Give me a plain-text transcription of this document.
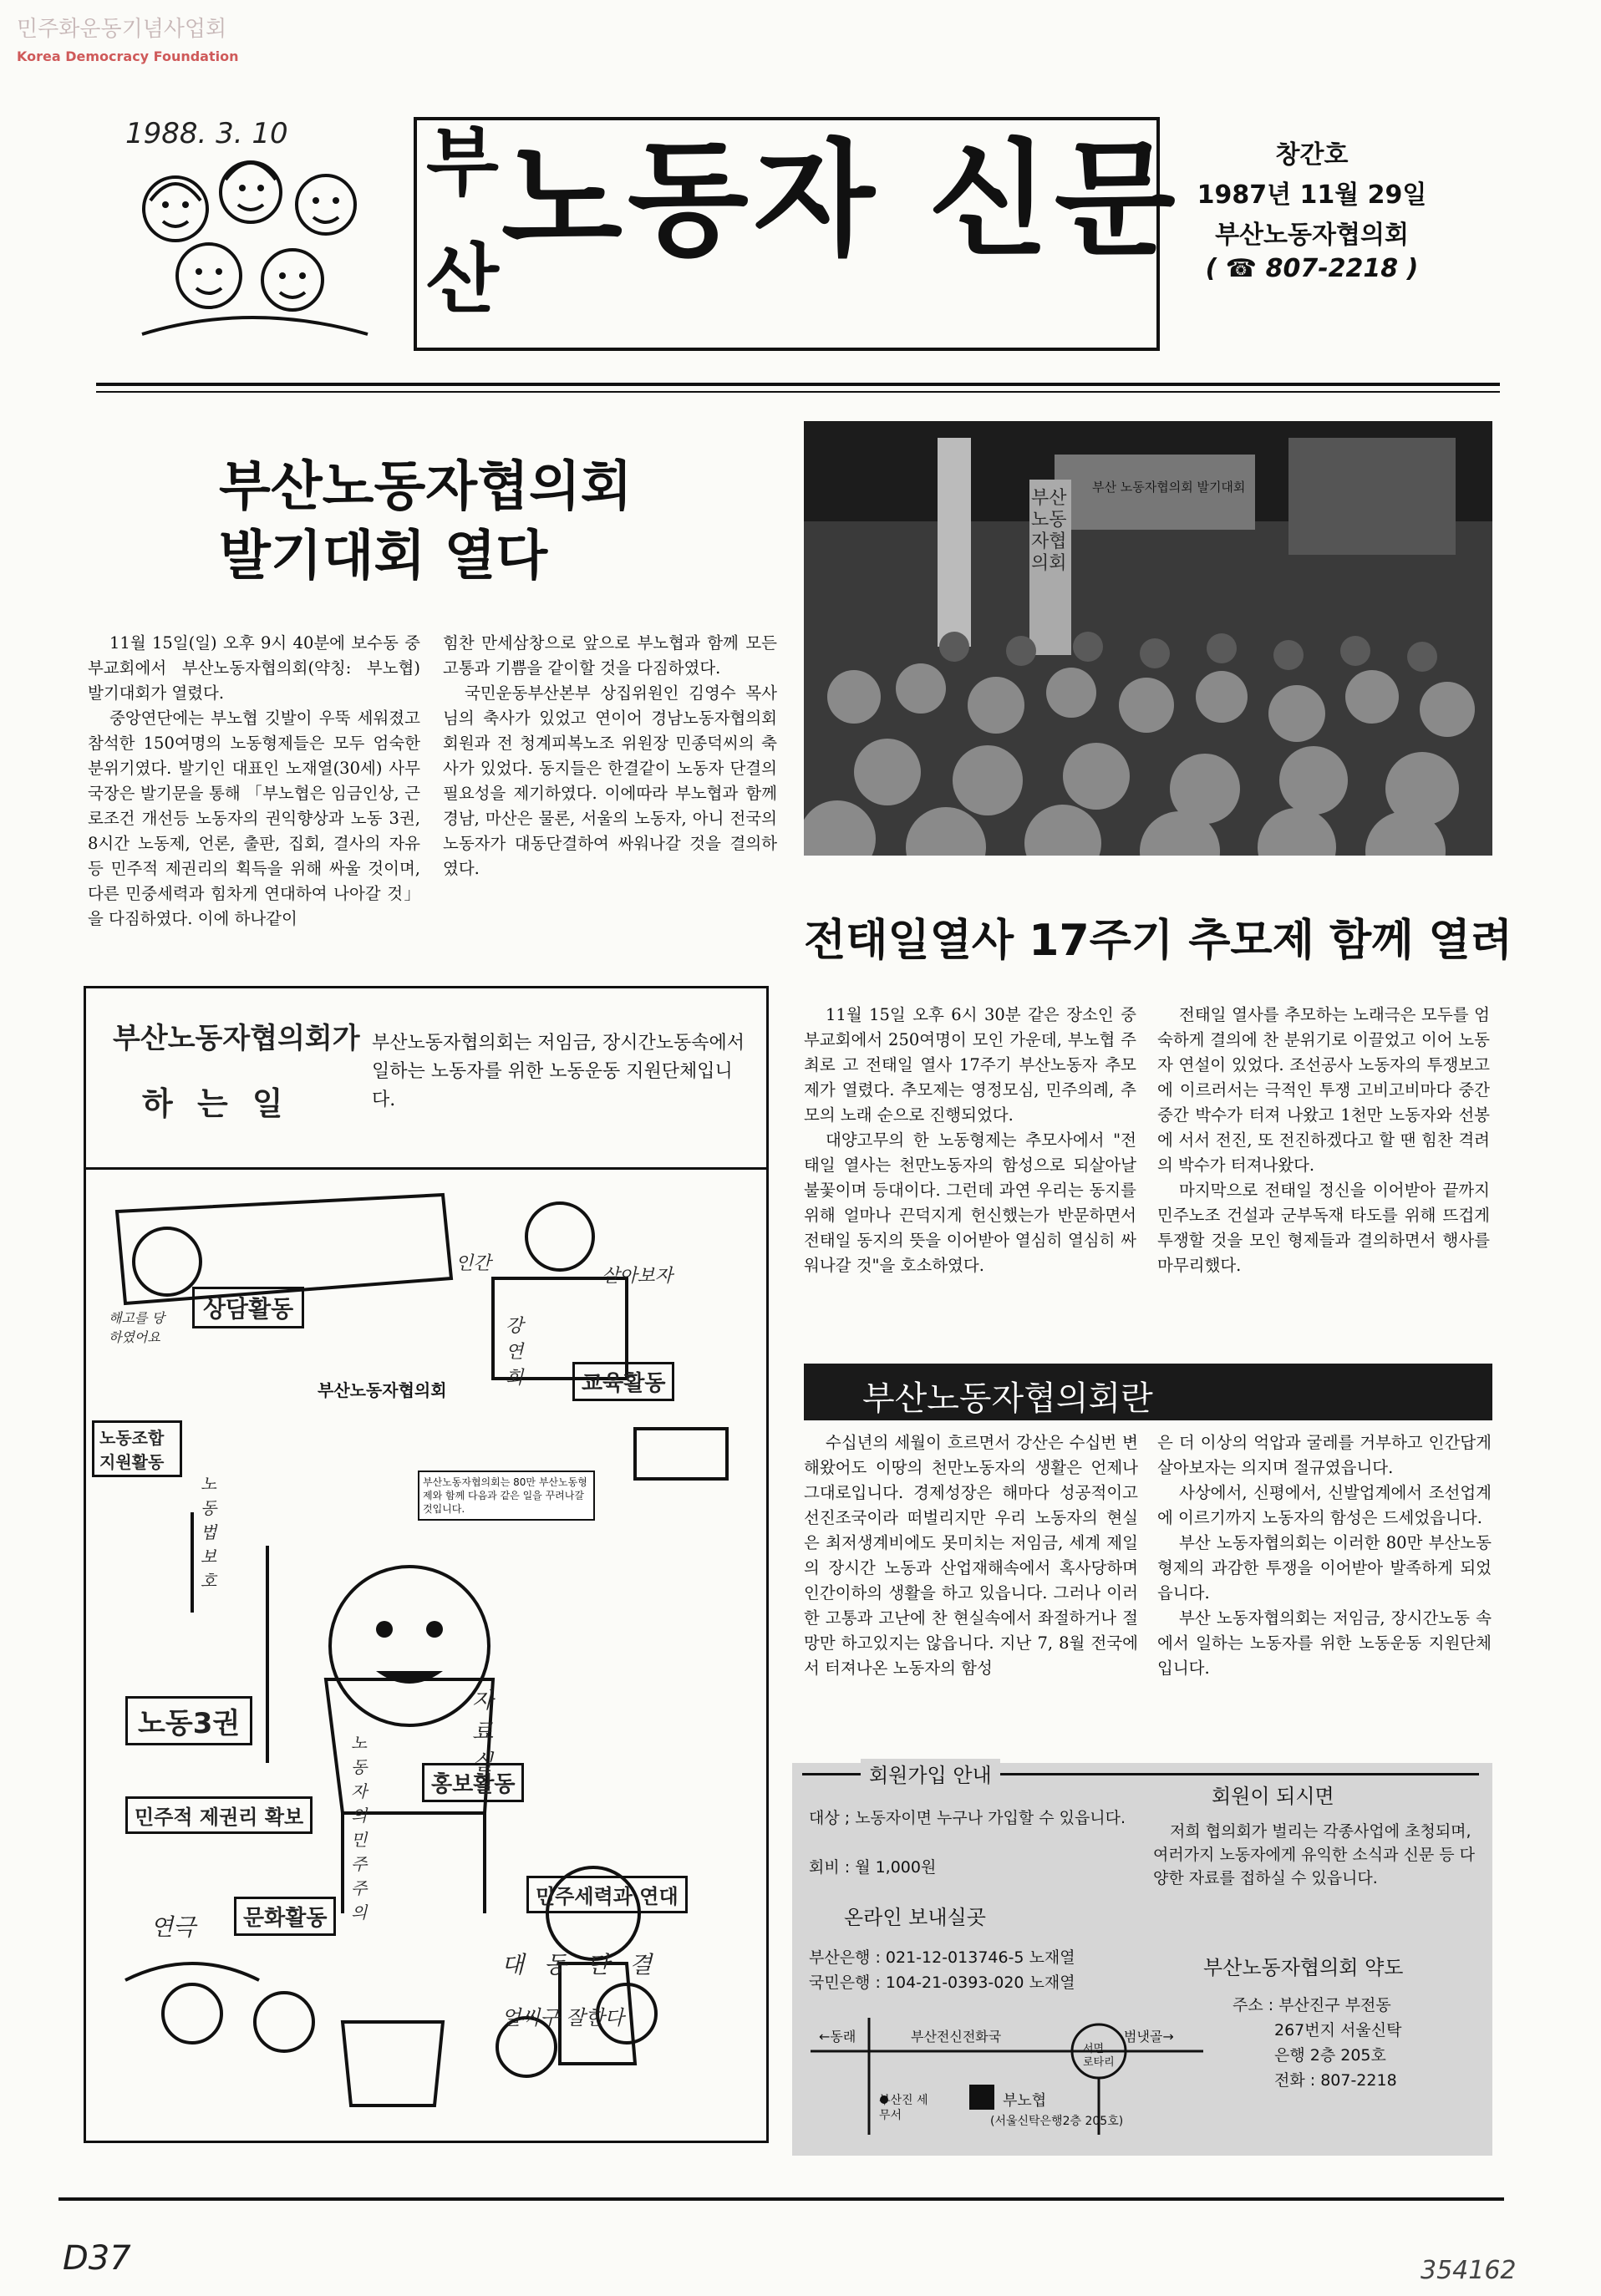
민주화운동기념사업회
Korea Democracy Foundation
1988. 3. 10 부
산
노동자 신문	창간호
1987년 11월 29일
부산노동자협의회
( ☎ 807-2218 )
부산노동자협의회
발기대회 열다

11월 15일(일) 오후 9시 40분에 보수동 중부교회에서 부산노동자협의회(약칭: 부노협) 발기대회가 열렸다.

중앙연단에는 부노협 깃발이 우뚝 세워졌고 참석한 150여명의 노동형제들은 모두 엄숙한 분위기였다. 발기인 대표인 노재열(30세) 사무국장은 발기문을 통해 「부노협은 임금인상, 근로조건 개선등 노동자의 권익향상과 노동 3권, 8시간 노동제, 언론, 출판, 집회, 결사의 자유 등 민주적 제권리의 획득을 위해 싸울 것이며, 다른 민중세력과 힘차게 연대하여 나아갈 것」을 다짐하였다. 이에 하나같이

힘찬 만세삼창으로 앞으로 부노협과 함께 모든 고통과 기쁨을 같이할 것을 다짐하였다.

국민운동부산본부 상집위원인 김영수 목사님의 축사가 있었고 연이어 경남노동자협의회 회원과 전 청계피복노조 위원장 민종덕씨의 축사가 있었다. 동지들은 한결같이 노동자 단결의 필요성을 제기하였다. 이에따라 부노협과 함께 경남, 마산은 물론, 서울의 노동자, 아니 전국의 노동자가 대동단결하여 싸워나갈 것을 결의하였다.

부산 노동자협의회 발기대회
부산노동자협의회
전태일열사 17주기 추모제 함께 열려

11월 15일 오후 6시 30분 같은 장소인 중부교회에서 250여명이 모인 가운데, 부노협 주최로 고 전태일 열사 17주기 부산노동자 추모제가 열렸다. 추모제는 영정모심, 민주의례, 추모의 노래 순으로 진행되었다.

대양고무의 한 노동형제는 추모사에서 "전태일 열사는 천만노동자의 함성으로 되살아날 불꽃이며 등대이다. 그런데 과연 우리는 동지를 위해 얼마나 끈덕지게 헌신했는가 반문하면서 전태일 동지의 뜻을 이어받아 열심히 열심히 싸워나갈 것"을 호소하였다.

전태일 열사를 추모하는 노래극은 모두를 엄숙하게 결의에 찬 분위기로 이끌었고 이어 노동자 연설이 있었다. 조선공사 노동자의 투쟁보고에 이르러서는 극적인 투쟁 고비고비마다 중간중간 박수가 터져 나왔고 1천만 노동자와 선봉에 서서 전진, 또 전진하겠다고 할 땐 힘찬 격려의 박수가 터져나왔다.

마지막으로 전태일 정신을 이어받아 끝까지 민주노조 건설과 군부독재 타도를 위해 뜨겁게 투쟁할 것을 모인 형제들과 결의하면서 행사를 마무리했다.

부산노동자협의회가
하 는 일
부산노동자협의회는 저임금, 장시간노동속에서 일하는 노동자를 위한 노동운동 지원단체입니다.
상담활동
인간
살아보자
해고를 당하였어요
부산노동자협의회	교육활동
노동조합 지원활동
노동법 보호
강연회
노동3권
민주적 제권리 확보
노동자의 민주주의
홍보활동
자료실
민주세력과 연대
문화활동
연극
대동단결
얼씨구 잘한다
부산노동자협의회는 80만 부산노동형제와 함께 다음과 같은 일을 꾸려나갈 것입니다.
부산노동자협의회란
수십년의 세월이 흐르면서 강산은 수십번 변해왔어도 이땅의 천만노동자의 생활은 언제나 그대로입니다. 경제성장은 해마다 성공적이고 선진조국이라 떠벌리지만 우리 노동자의 현실은 최저생계비에도 못미치는 저임금, 세계 제일의 장시간 노동과 산업재해속에서 혹사당하며 인간이하의 생활을 하고 있읍니다. 그러나 이러한 고통과 고난에 찬 현실속에서 좌절하거나 절망만 하고있지는 않읍니다. 지난 7, 8월 전국에서 터져나온 노동자의 함성

은 더 이상의 억압과 굴레를 거부하고 인간답게 살아보자는 의지며 절규였읍니다.

사상에서, 신평에서, 신발업계에서 조선업계에 이르기까지 노동자의 함성은 드세었읍니다.

부산 노동자협의회는 이러한 80만 부산노동형제의 과감한 투쟁을 이어받아 발족하게 되었읍니다.

부산 노동자협의회는 저임금, 장시간노동 속에서 일하는 노동자를 위한 노동운동 지원단체입니다.

회원가입 안내
대상 ; 노동자이면 누구나 가입할 수 있읍니다.
회비 : 월 1,000원
온라인 보내실곳
부산은행 : 021-12-013746-5 노재열
국민은행 : 104-21-0393-020 노재열
회원이 되시면
저희 협의회가 벌리는 각종사업에 초청되며, 여러가지 노동자에게 유익한 소식과 신문 등 다양한 자료를 접하실 수 있읍니다.
부산노동자협의회 약도
주소 : 부산진구 부전동
267번지 서울신탁
은행 2층 205호
전화 : 807-2218
←동래	부산전신전화국	범냇골→
서면 로타리
부산진 세무서
부노협
(서울신탁은행2층 205호)
D37	354162
